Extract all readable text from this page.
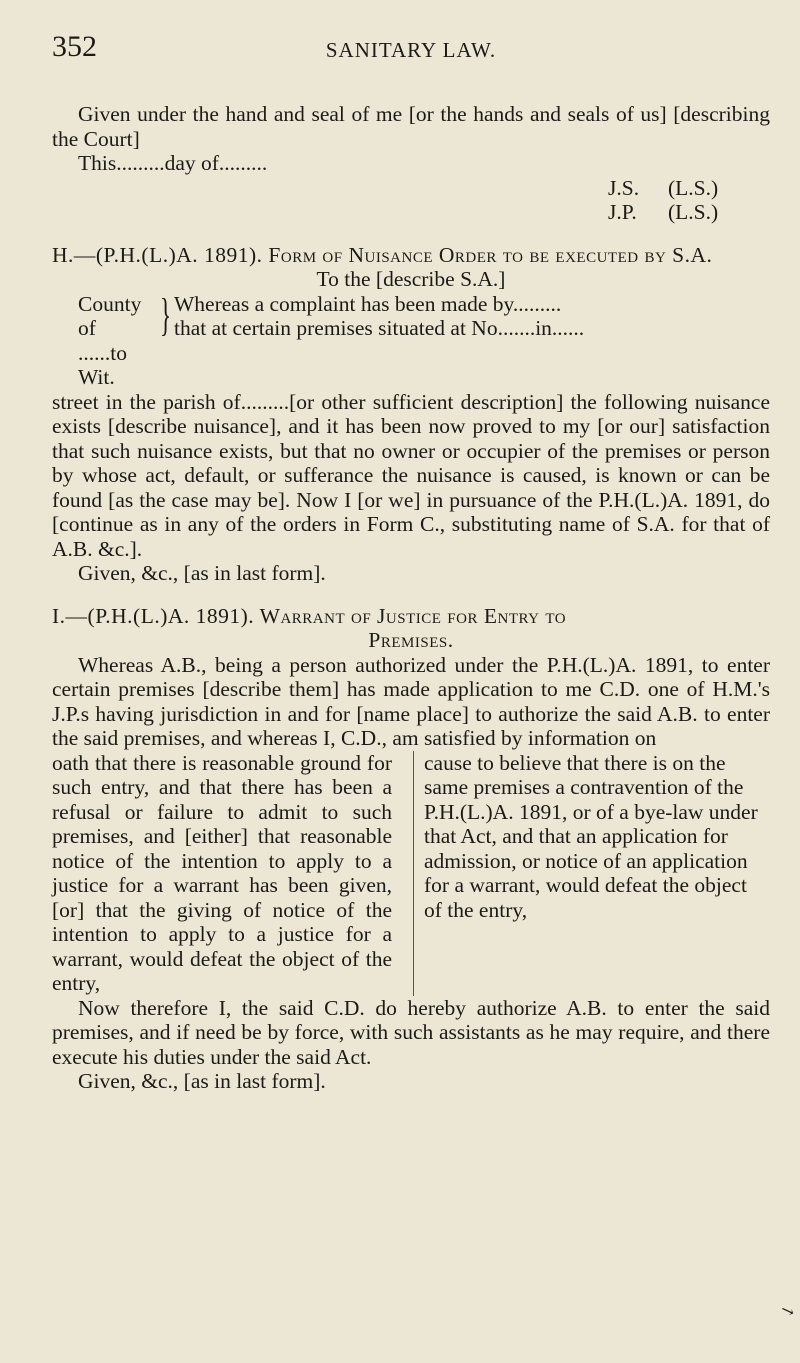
352	SANITARY LAW.

Given under the hand and seal of me [or the hands and seals of us] [describing the Court]

This.........day of.........

J.S.	(L.S.)
J.P.	(L.S.)

H.—(P.H.(L.)A. 1891). Form of Nuisance Order to be executed by S.A.

To the [describe S.A.]

County of
......to Wit.
} Whereas a complaint has been made by.........
that at certain premises situated at No.......in......

street in the parish of.........[or other sufficient description] the following nuisance exists [describe nuisance], and it has been now proved to my [or our] satisfaction that such nuisance exists, but that no owner or occupier of the premises or person by whose act, default, or sufferance the nuisance is caused, is known or can be found [as the case may be]. Now I [or we] in pursuance of the P.H.(L.)A. 1891, do [continue as in any of the orders in Form C., substituting name of S.A. for that of A.B. &c.].

Given, &c., [as in last form].

I.—(P.H.(L.)A. 1891). Warrant of Justice for Entry to

Premises.

Whereas A.B., being a person authorized under the P.H.(L.)A. 1891, to enter certain premises [describe them] has made application to me C.D. one of H.M.'s J.P.s having jurisdiction in and for [name place] to authorize the said A.B. to enter the said premises, and whereas I, C.D., am satisfied by information on

oath that there is reasonable ground for such entry, and that there has been a refusal or failure to admit to such premises, and [either] that reasonable notice of the intention to apply to a justice for a warrant has been given, [or] that the giving of notice of the intention to apply to a justice for a warrant, would defeat the object of the entry,

cause to believe that there is on the same premises a contravention of the P.H.(L.)A. 1891, or of a bye-law under that Act, and that an application for admission, or notice of an application for a warrant, would defeat the object of the entry,

Now therefore I, the said C.D. do hereby authorize A.B. to enter the said premises, and if need be by force, with such assistants as he may require, and there execute his duties under the said Act.

Given, &c., [as in last form].

↘
